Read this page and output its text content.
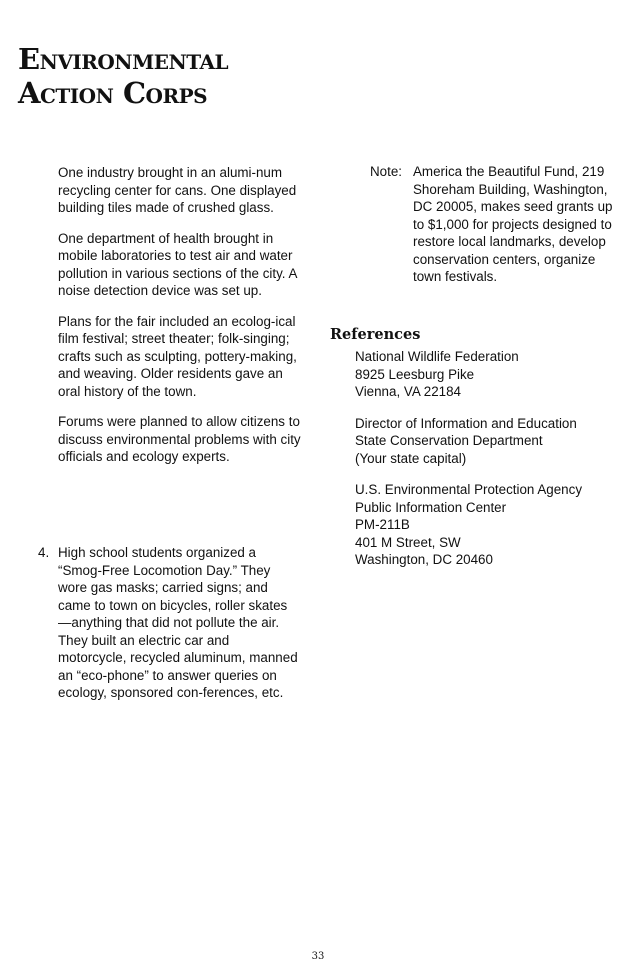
Environmental
Action Corps

One industry brought in an alumi-num recycling center for cans. One displayed building tiles made of crushed glass.

One department of health brought in mobile laboratories to test air and water pollution in various sections of the city. A noise detection device was set up.

Plans for the fair included an ecolog-ical film festival; street theater; folk-singing; crafts such as sculpting, pottery-making, and weaving. Older residents gave an oral history of the town.

Forums were planned to allow citizens to discuss environmental problems with city officials and ecology experts.

4. High school students organized a “Smog-Free Locomotion Day.” They wore gas masks; carried signs; and came to town on bicycles, roller skates—anything that did not pollute the air. They built an electric car and motorcycle, recycled aluminum, manned an “eco-phone” to answer queries on ecology, sponsored con-ferences, etc.
Note: America the Beautiful Fund, 219 Shoreham Building, Washington, DC 20005, makes seed grants up to $1,000 for projects designed to restore local landmarks, develop conservation centers, organize town festivals.
References
National Wildlife Federation
8925 Leesburg Pike
Vienna, VA 22184
Director of Information and Education
State Conservation Department
(Your state capital)
U.S. Environmental Protection Agency
Public Information Center
PM-211B
401 M Street, SW
Washington, DC 20460
33
